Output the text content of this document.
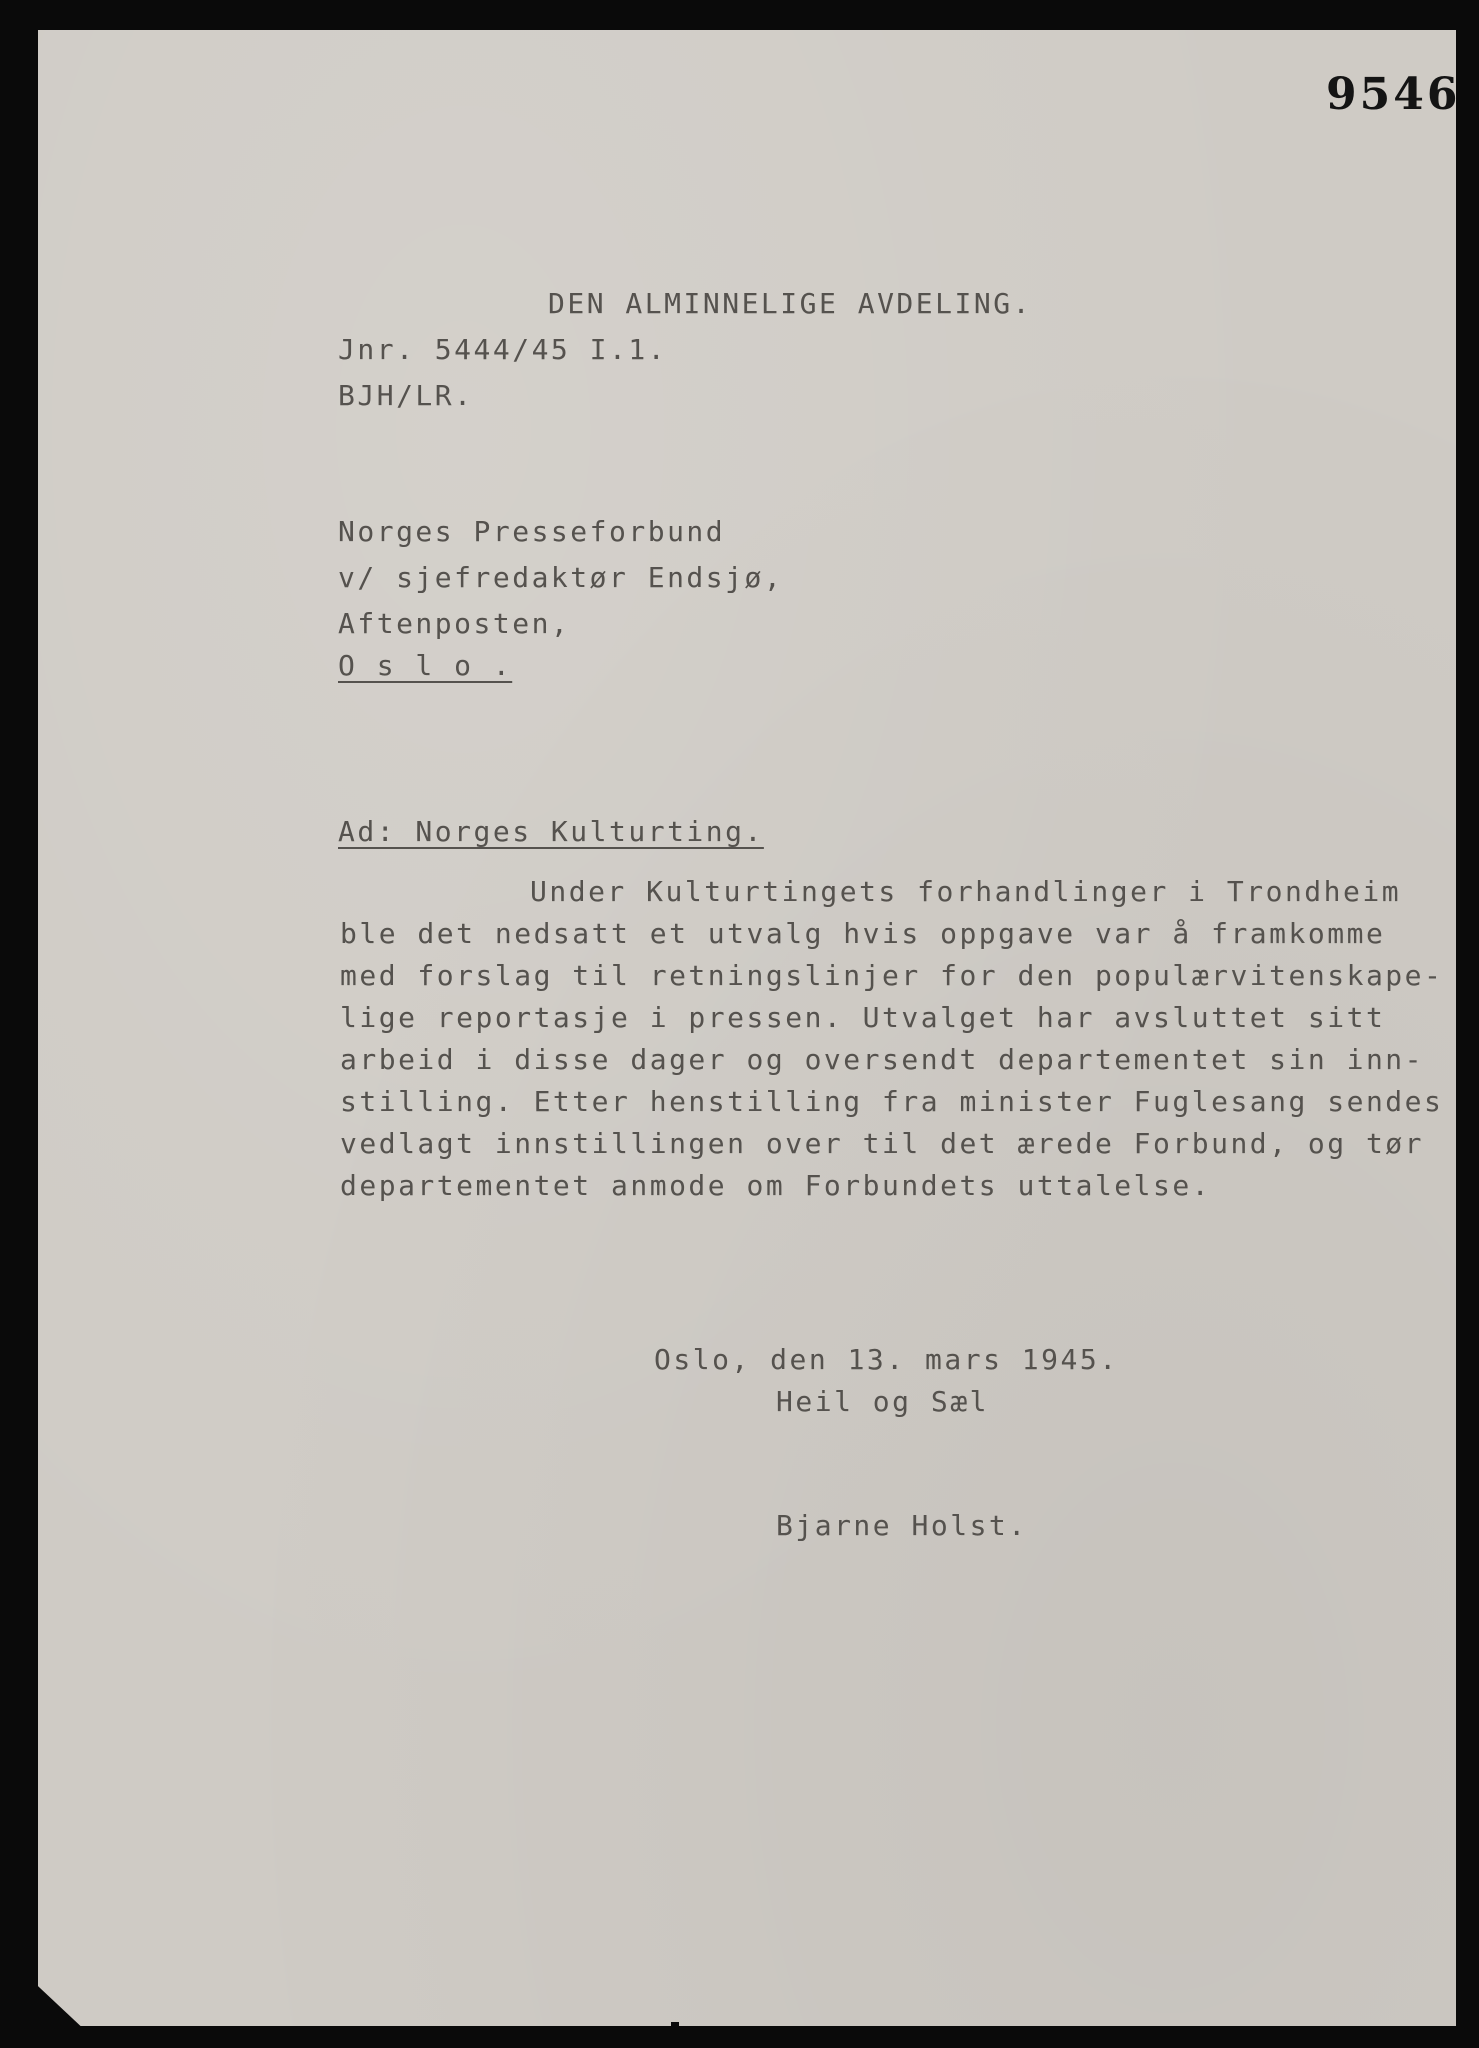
9546
DEN ALMINNELIGE AVDELING.
Jnr. 5444/45 I.1.
BJH/LR.
Norges Presseforbund
v/ sjefredaktør Endsjø,
Aftenposten,
O s l o .
Ad: Norges Kulturting.
Under Kulturtingets forhandlinger i Trondheim
ble det nedsatt et utvalg hvis oppgave var å framkomme
med forslag til retningslinjer for den populærvitenskape-
lige reportasje i pressen. Utvalget har avsluttet sitt
arbeid i disse dager og oversendt departementet sin inn-
stilling. Etter henstilling fra minister Fuglesang sendes
vedlagt innstillingen over til det ærede Forbund, og tør
departementet anmode om Forbundets uttalelse.
Oslo, den 13. mars 1945.
Heil og Sæl
Bjarne Holst.
